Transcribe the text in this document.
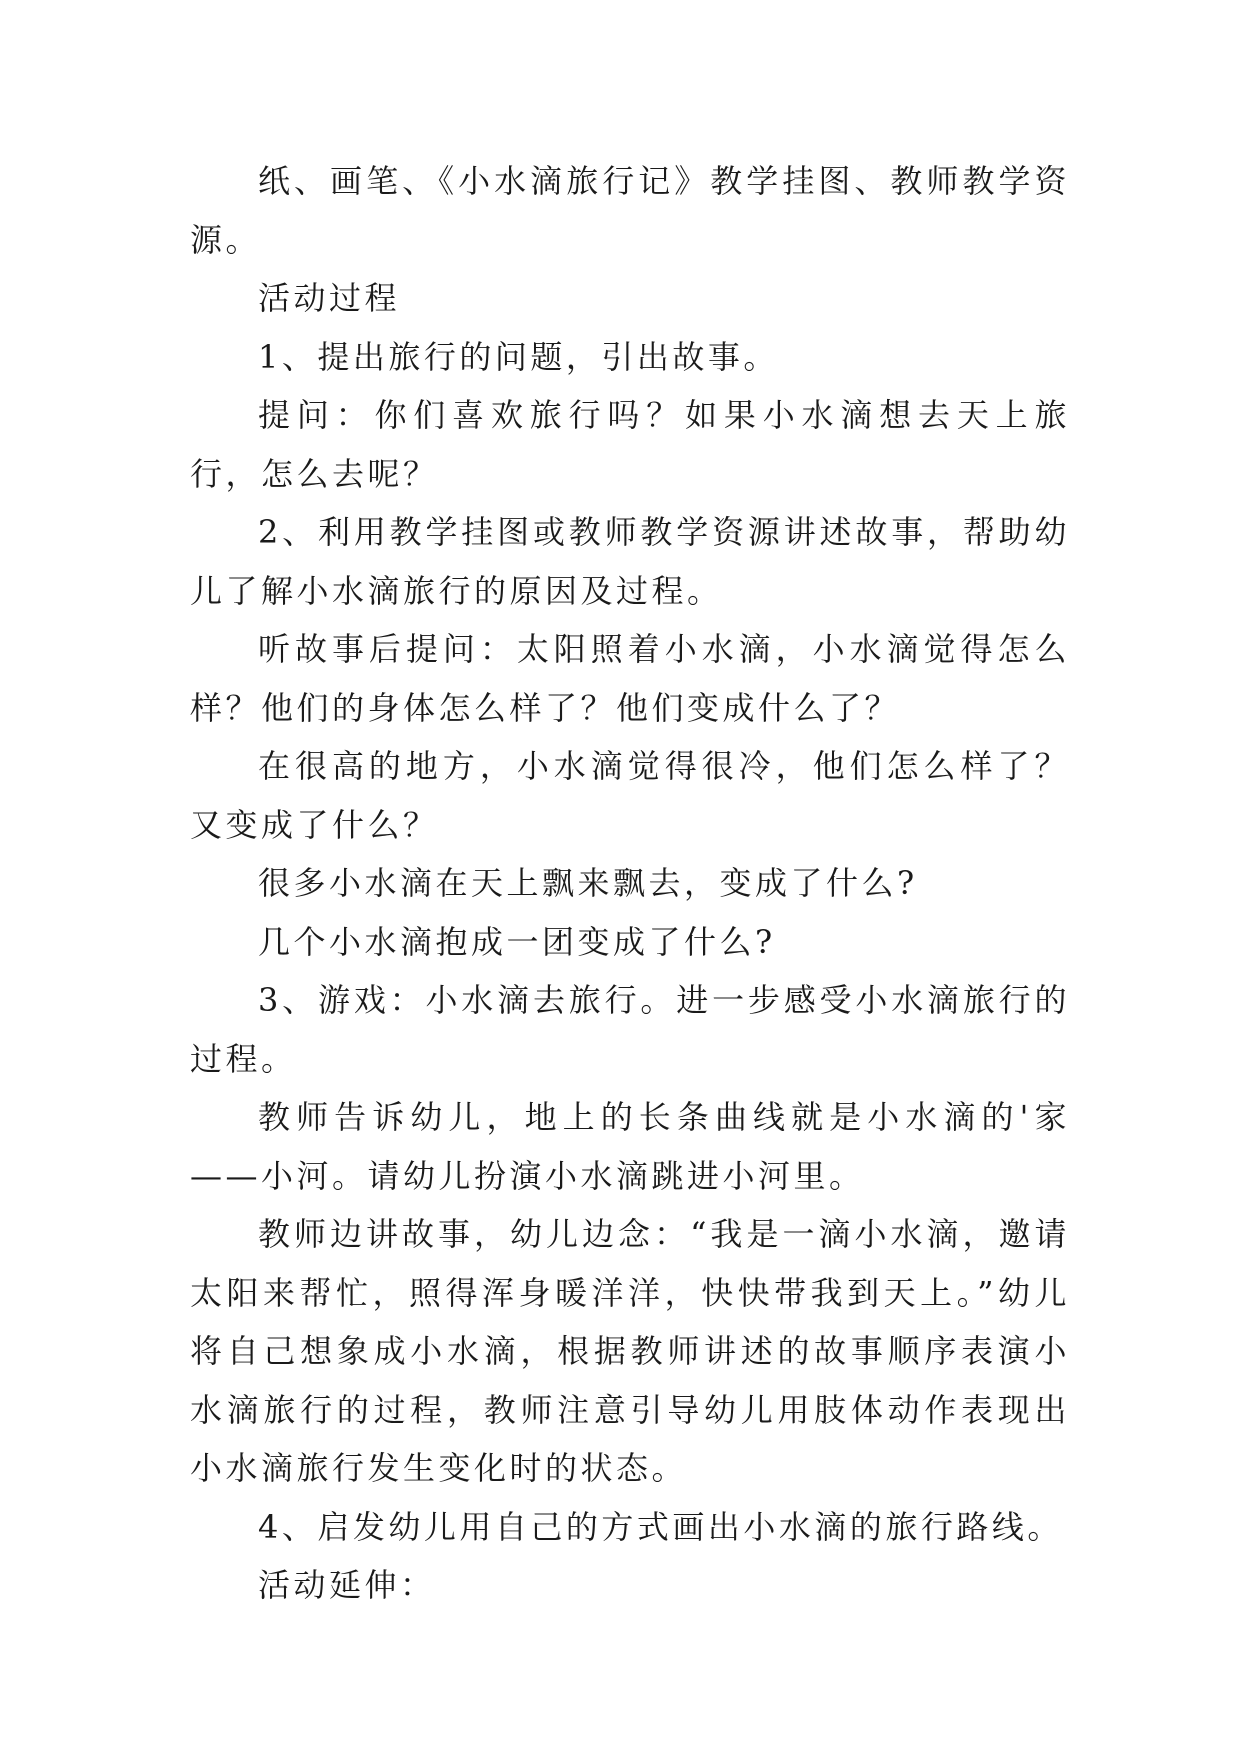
纸、画笔、《小水滴旅行记》教学挂图、教师教学资源。

活动过程

1、提出旅行的问题，引出故事。

提问：你们喜欢旅行吗？如果小水滴想去天上旅行，怎么去呢？

2、利用教学挂图或教师教学资源讲述故事，帮助幼儿了解小水滴旅行的原因及过程。

听故事后提问：太阳照着小水滴，小水滴觉得怎么样？他们的身体怎么样了？他们变成什么了？

在很高的地方，小水滴觉得很冷，他们怎么样了？又变成了什么？

很多小水滴在天上飘来飘去，变成了什么?

几个小水滴抱成一团变成了什么?

3、游戏：小水滴去旅行。进一步感受小水滴旅行的过程。

教师告诉幼儿，地上的长条曲线就是小水滴的'家——小河。请幼儿扮演小水滴跳进小河里。

教师边讲故事，幼儿边念：“我是一滴小水滴，邀请太阳来帮忙，照得浑身暖洋洋，快快带我到天上。”幼儿将自己想象成小水滴，根据教师讲述的故事顺序表演小水滴旅行的过程，教师注意引导幼儿用肢体动作表现出小水滴旅行发生变化时的状态。

4、启发幼儿用自己的方式画出小水滴的旅行路线。

活动延伸：
